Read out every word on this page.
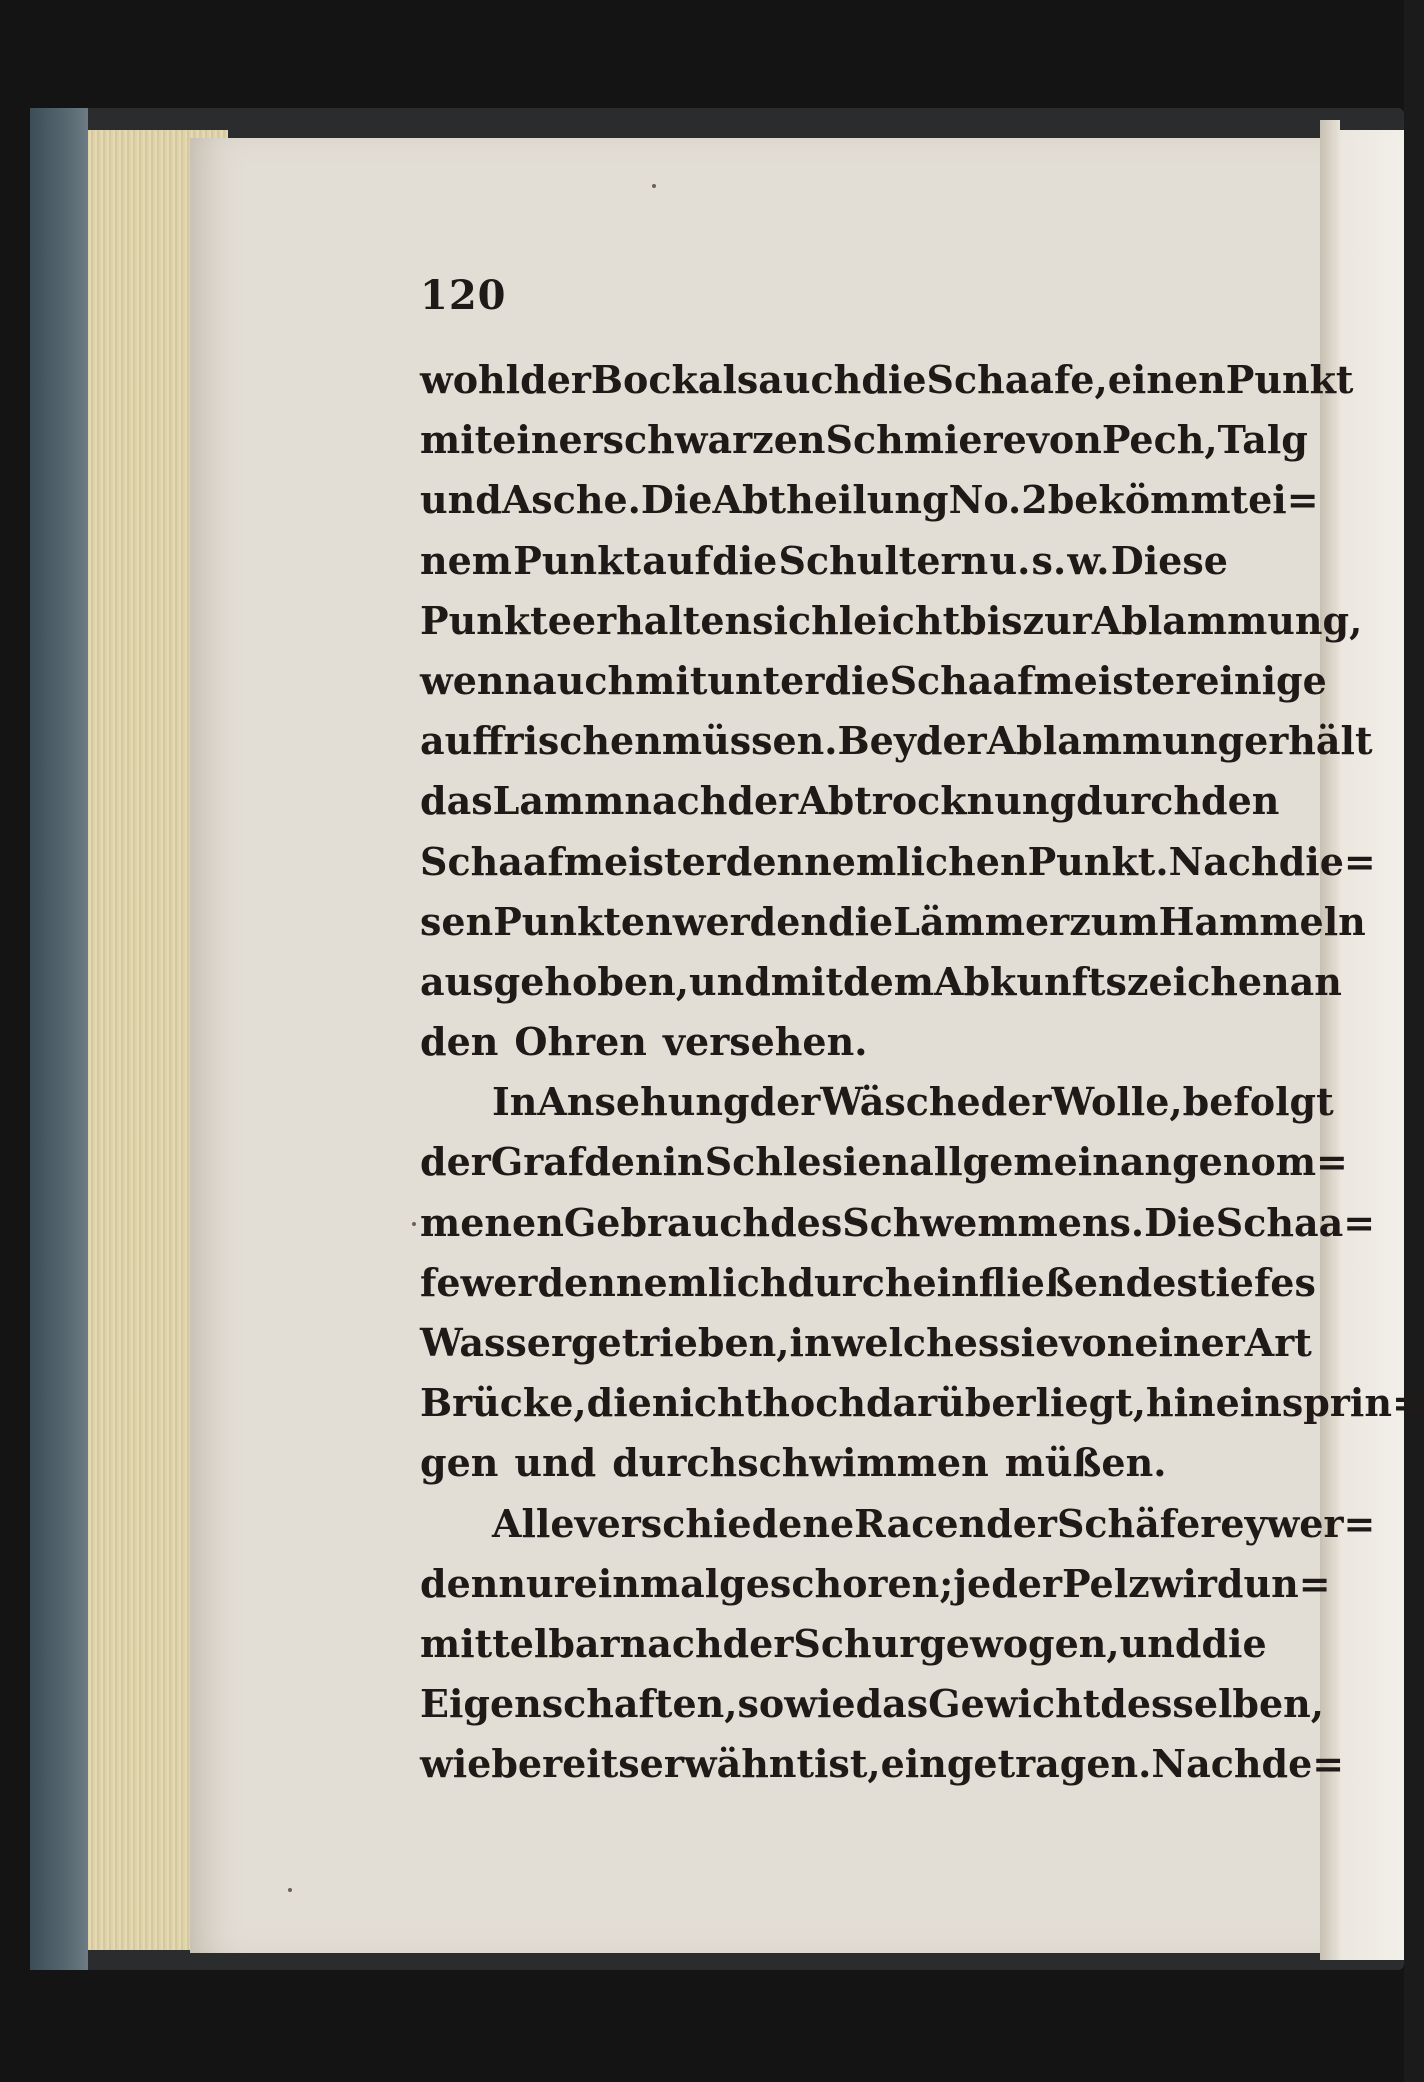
120
wohl der Bock als auch die Schaafe, einen Punkt
mit einer schwarzen Schmiere von Pech, Talg
und Asche. Die Abtheilung No. 2 bekömmt ei=
nem Punkt auf die Schultern u. s. w. Diese
Punkte erhalten sich leicht bis zur Ablammung,
wenn auch mit unter die Schaafmeister einige
auffrischen müssen. Bey der Ablammung erhält
das Lamm nach der Abtrocknung durch den
Schaafmeister den nemlichen Punkt. Nach die=
sen Punkten werden die Lämmer zum Hammeln
ausgehoben, und mit dem Abkunftszeichen an
den Ohren versehen.
In Ansehung der Wäsche der Wolle, befolgt
der Graf den in Schlesien allgemein angenom=
menen Gebrauch des Schwemmens. Die Schaa=
fe werden nemlich durch ein fließendes tiefes
Wasser getrieben, in welches sie von einer Art
Brücke, die nicht hoch darüber liegt, hineinsprin=
gen und durchschwimmen müßen.
Alle verschiedene Racen der Schäferey wer=
den nur einmal geschoren; jeder Pelz wird un=
mittelbar nach der Schur gewogen, und die
Eigenschaften, so wie das Gewicht desselben,
wie bereits erwähnt ist, eingetragen. Nach de=
